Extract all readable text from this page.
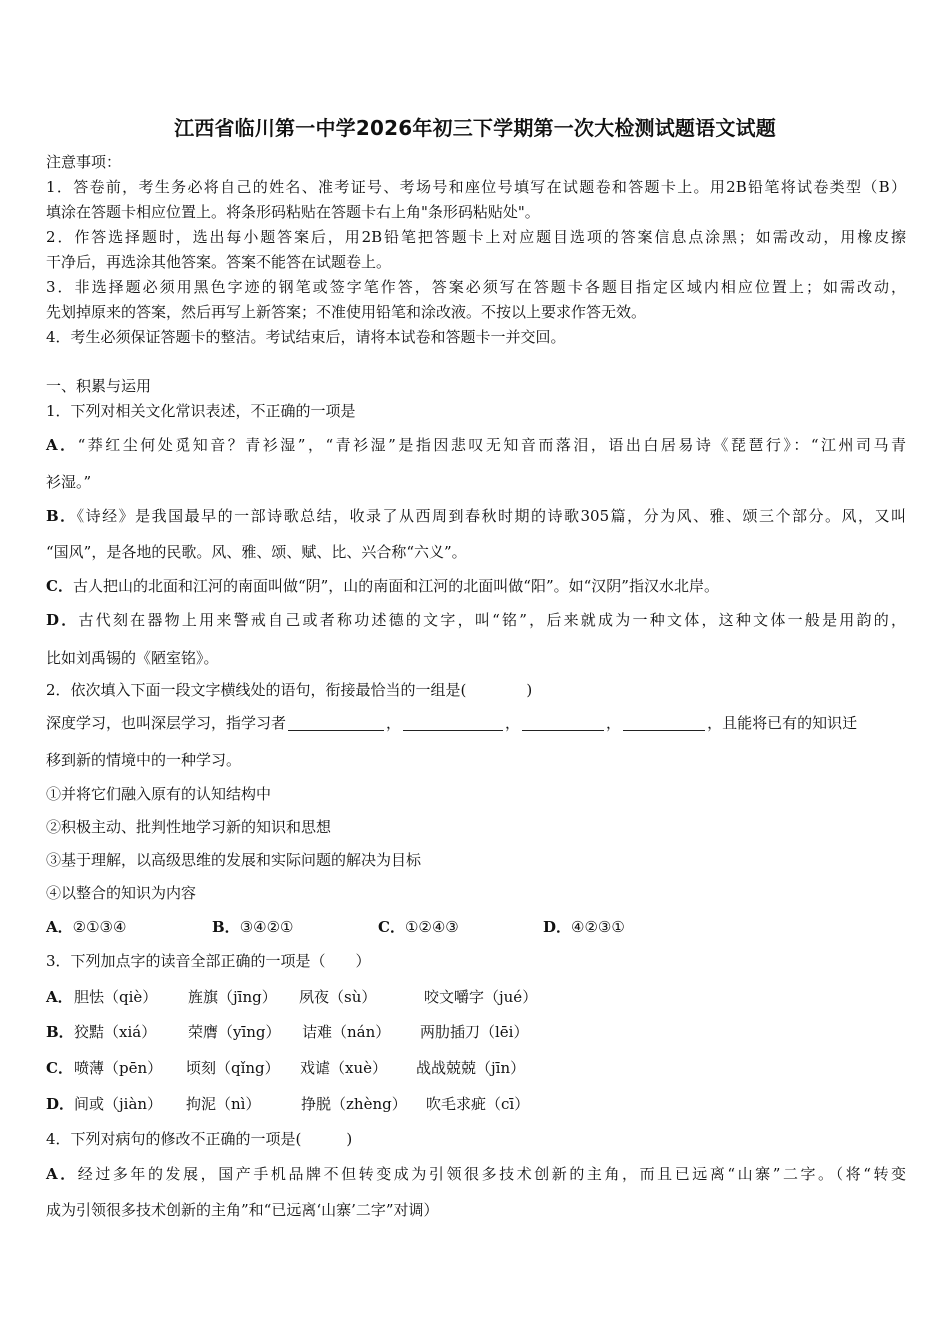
江西省临川第一中学2026年初三下学期第一次大检测试题语文试题
注意事项：
1．答卷前，考生务必将自己的姓名、准考证号、考场号和座位号填写在试题卷和答题卡上。用2B铅笔将试卷类型（B）
填涂在答题卡相应位置上。将条形码粘贴在答题卡右上角"条形码粘贴处"。
2．作答选择题时，选出每小题答案后，用2B铅笔把答题卡上对应题目选项的答案信息点涂黑；如需改动，用橡皮擦
干净后，再选涂其他答案。答案不能答在试题卷上。
3．非选择题必须用黑色字迹的钢笔或签字笔作答，答案必须写在答题卡各题目指定区域内相应位置上；如需改动，
先划掉原来的答案，然后再写上新答案；不准使用铅笔和涂改液。不按以上要求作答无效。
4．考生必须保证答题卡的整洁。考试结束后，请将本试卷和答题卡一并交回。
一、积累与运用
1．下列对相关文化常识表述，不正确的一项是
A．“莽红尘何处觅知音？青衫湿”，“青衫湿”是指因悲叹无知音而落泪，语出白居易诗《琵琶行》：“江州司马青
衫湿。”
B．《诗经》是我国最早的一部诗歌总结，收录了从西周到春秋时期的诗歌305篇，分为风、雅、颂三个部分。风，又叫
“国风”，是各地的民歌。风、雅、颂、赋、比、兴合称“六义”。
C．古人把山的北面和江河的南面叫做“阴”，山的南面和江河的北面叫做“阳”。如“汉阴”指汉水北岸。
D．古代刻在器物上用来警戒自己或者称功述德的文字，叫“铭”，后来就成为一种文体，这种文体一般是用韵的，
比如刘禹锡的《陋室铭》。
2．依次填入下面一段文字横线处的语句，衔接最恰当的一组是(　　　　)
深度学习，也叫深层学习，指学习者	，	，	，	，且能将已有的知识迁
移到新的情境中的一种学习。
①并将它们融入原有的认知结构中
②积极主动、批判性地学习新的知识和思想
③基于理解，以高级思维的发展和实际问题的解决为目标
④以整合的知识为内容
A．②①③④	B．③④②①	C．①②④③	D．④②③①
3．下列加点字的读音全部正确的一项是（　　）
A． 胆怯（qiè） 旌旗（jīng） 夙夜（sù）	咬文嚼字（jué）
B． 狡黠（xiá） 荣膺（yīng） 诘难（nán） 两肋插刀（lēi）
C． 喷薄（pēn） 顷刻（qǐng） 戏谑（xuè） 战战兢兢（jīn）
D． 间或（jiàn） 拘泥（nì）	挣脱（zhèng） 吹毛求疵（cī）
4．下列对病句的修改不正确的一项是(　　　)
A．经过多年的发展，国产手机品牌不但转变成为引领很多技术创新的主角，而且已远离“山寨”二字。（将“转变
成为引领很多技术创新的主角”和“已远离‘山寨’二字”对调）
